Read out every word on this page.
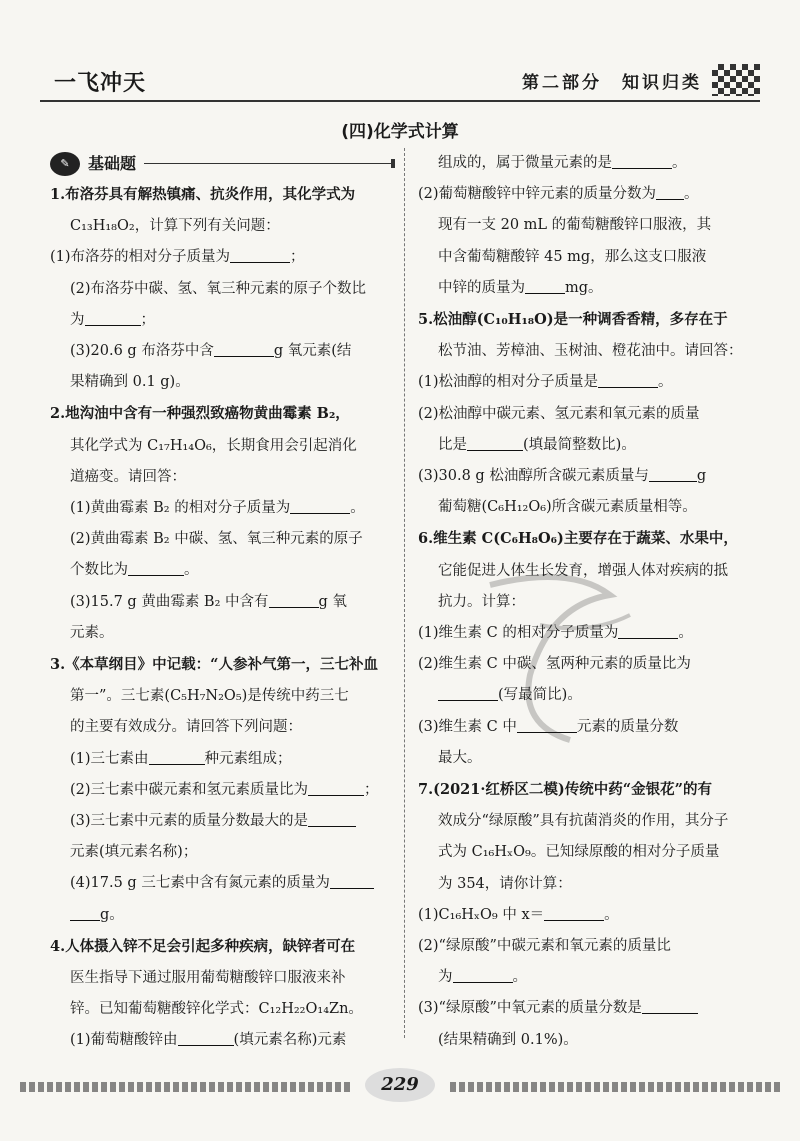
一飞冲天	第二部分　知识归类
(四)化学式计算
✎	基础题
1.布洛芬具有解热镇痛、抗炎作用，其化学式为
C₁₃H₁₈O₂，计算下列有关问题：
(1)布洛芬的相对分子质量为	；
(2)布洛芬中碳、氢、氧三种元素的原子个数比
为	；
(3)20.6 g 布洛芬中含	g 氧元素(结
果精确到 0.1 g)。
2.地沟油中含有一种强烈致癌物黄曲霉素 B₂，
其化学式为 C₁₇H₁₄O₆，长期食用会引起消化
道癌变。请回答：
(1)黄曲霉素 B₂ 的相对分子质量为	。
(2)黄曲霉素 B₂ 中碳、氢、氧三种元素的原子
个数比为	。
(3)15.7 g 黄曲霉素 B₂ 中含有	g 氧
元素。
3.《本草纲目》中记载：“人参补气第一，三七补血
第一”。三七素(C₅H₇N₂O₅)是传统中药三七
的主要有效成分。请回答下列问题：
(1)三七素由	种元素组成；
(2)三七素中碳元素和氢元素质量比为	；
(3)三七素中元素的质量分数最大的是
元素(填元素名称)；
(4)17.5 g 三七素中含有氮元素的质量为
g。
4.人体摄入锌不足会引起多种疾病，缺锌者可在
医生指导下通过服用葡萄糖酸锌口服液来补
锌。已知葡萄糖酸锌化学式：C₁₂H₂₂O₁₄Zn。
(1)葡萄糖酸锌由	(填元素名称)元素
组成的，属于微量元素的是	。
(2)葡萄糖酸锌中锌元素的质量分数为 。
现有一支 20 mL 的葡萄糖酸锌口服液，其
中含葡萄糖酸锌 45 mg，那么这支口服液
中锌的质量为	mg。
5.松油醇(C₁₀H₁₈O)是一种调香香精，多存在于
松节油、芳樟油、玉树油、橙花油中。请回答：
(1)松油醇的相对分子质量是	。
(2)松油醇中碳元素、氢元素和氧元素的质量
比是	(填最简整数比)。
(3)30.8 g 松油醇所含碳元素质量与	g
葡萄糖(C₆H₁₂O₆)所含碳元素质量相等。
6.维生素 C(C₆H₈O₆)主要存在于蔬菜、水果中，
它能促进人体生长发育，增强人体对疾病的抵
抗力。计算：
(1)维生素 C 的相对分子质量为	。
(2)维生素 C 中碳、氢两种元素的质量比为
(写最简比)。
(3)维生素 C 中	元素的质量分数
最大。
7.(2021·红桥区二模)传统中药“金银花”的有
效成分“绿原酸”具有抗菌消炎的作用，其分子
式为 C₁₆HₓO₉。已知绿原酸的相对分子质量
为 354，请你计算：
(1)C₁₆HₓO₉ 中 x＝	。
(2)“绿原酸”中碳元素和氧元素的质量比
为	。
(3)“绿原酸”中氧元素的质量分数是
(结果精确到 0.1%)。
229
